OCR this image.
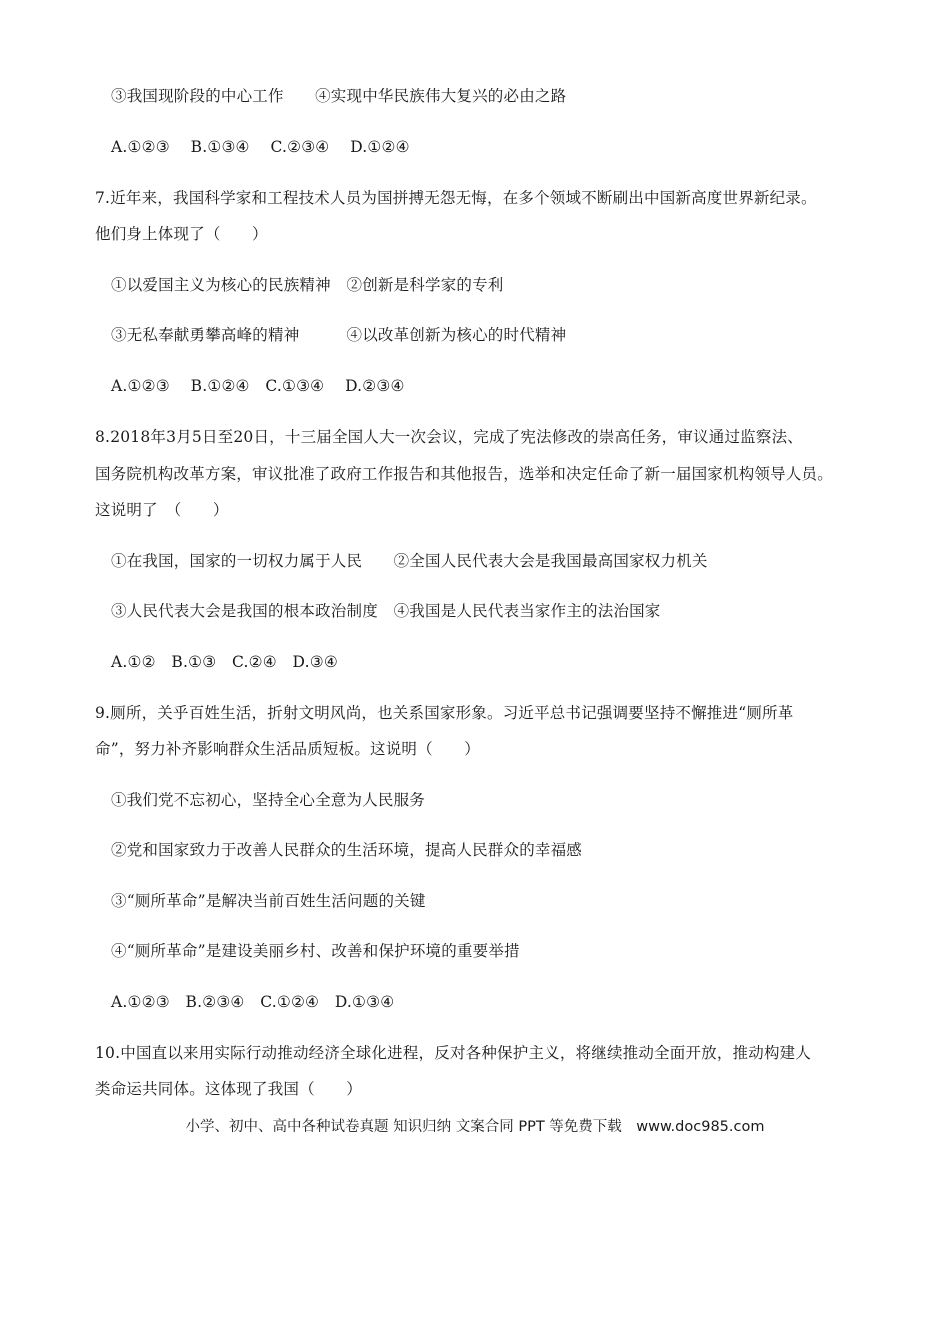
③我国现阶段的中心工作　　④实现中华民族伟大复兴的必由之路
A.①②③　 B.①③④　 C.②③④　 D.①②④
7.近年来，我国科学家和工程技术人员为国拼搏无怨无悔，在多个领域不断刷出中国新高度世界新纪录。
他们身上体现了（　　）
①以爱国主义为核心的民族精神　②创新是科学家的专利
③无私奉献勇攀高峰的精神　　　④以改革创新为核心的时代精神
A.①②③　 B.①②④　C.①③④　 D.②③④
8.2018年3月5日至20日，十三届全国人大一次会议，完成了宪法修改的崇高任务，审议通过监察法、
国务院机构改革方案，审议批准了政府工作报告和其他报告，选举和决定任命了新一届国家机构领导人员。
这说明了　（　　）
①在我国，国家的一切权力属于人民　　②全国人民代表大会是我国最高国家权力机关
③人民代表大会是我国的根本政治制度　④我国是人民代表当家作主的法治国家
A.①②　B.①③　C.②④　D.③④
9.厕所，关乎百姓生活，折射文明风尚，也关系国家形象。习近平总书记强调要坚持不懈推进“厕所革
命”，努力补齐影响群众生活品质短板。这说明（　　）
①我们党不忘初心，坚持全心全意为人民服务
②党和国家致力于改善人民群众的生活环境，提高人民群众的幸福感
③“厕所革命”是解决当前百姓生活问题的关键
④“厕所革命”是建设美丽乡村、改善和保护环境的重要举措
A.①②③　B.②③④　C.①②④　D.①③④
10.中国直以来用实际行动推动经济全球化进程，反对各种保护主义，将继续推动全面开放，推动构建人
类命运共同体。这体现了我国（　　）
小学、初中、高中各种试卷真题 知识归纳 文案合同 PPT 等免费下载　www.doc985.com
